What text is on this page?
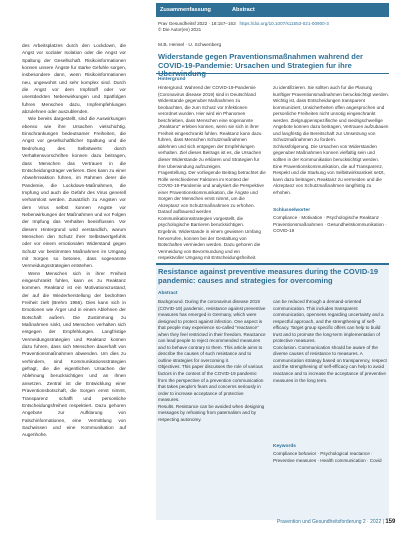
des Arbeitsplatzes durch den Lockdown, die Angst vor sozialer Isolation oder die Angst vor Spaltung der Gesellschaft. Risikoinformationen konnen unsere Ängste fur starke Gefuhle sorgen, insbesondere dann, wenn Risikoinformationen neu, ungewohnt und sehr komplex sind. Durch die Angst vor dem Impfstoff oder vor unentdeckten Nebenwirkungen und Spatfolgen fuhren Menschen dazu, Impfempfehlungen abzulehnen oder auszublenden.

Wie bereits dargestellt, sind die Auswirkungen ebenso wie ihre Ursachen vielschichtig. Einschrankungen bedeutsamer Freiheiten, die Angst vor gesellschaftlicher Spaltung und die Bedrohung des Selbstwerts durch Verhaltensvorschriften konnen dazu beitragen, dass Menschen das Vertrauen in die Entscheidungstrager verlieren. Dies kann zu einer Abwehrreaktion fuhren, im Rahmen derer die Pandemie, die Lockdown-Maßnahmen, die Impfung und auch die Gefahr des Virus generell verharmlost werden. Zusatzlich zu Angsten vor dem Virus selbst konnen Angste vor Nebenwirkungen der Maßnahmen und vor Folgen der Impfung das Verhalten beeinflussen. Vor diesem Hintergrund wird verstandlich, warum Menschen den Schutz ihrer Selbstwertgefuhls oder vor einem emotionalen Widerstand gegen Schutz vor bestimmten Maßnahmen im Umgang mit Sorgen so betonen, dass sogenannte Vermeidungsstrategien entstehen.

Wenn Menschen sich in ihrer Freiheit eingeschrankt fuhlen, kann es zu Reaktanz kommen. Reaktanz ist ein Motivationszustand, der auf die Wiederherstellung der bedrohten Freiheit zielt (Brehm 1966). Dies kann sich in Emotionen wie Ärger und in einem Ablehnen der Botschaft außern. Die Zustimmung zu Maßnahmen sinkt, und Menschen verhalten sich entgegen der Empfehlungen. Langfristige Vermeidungsstrategien und Reaktanz konnen dazu fuhren, dass sich Menschen dauerhaft von Praventionsmaßnahmen abwenden. Um dies zu verhindern, sind Kommunikationsstrategien gefragt, die die eigentlichen Ursachen der Ablehnung berucksichtigen und an ihnen ansetzen. Zentral ist die Entwicklung einer Praventionsbotschaft, die Sorgen ernst nimmt, Transparenz schafft und personliche Entscheidungsfreiheit respektiert. Dazu gehoren Angebote zur Aufklarung von Falschinformationen, eine Vermittlung von Sachwissen und eine Kommunikation auf Augenhohe.

Zusammenfassung	Abstract
Prav Gesundheitsf 2022 · 18:157–163 https://doi.org/10.1007/s11553-021-00900-3
© Die Autor(en) 2021
M.B. Hensel · U. Schwenberg
Widerstande gegen Praventionsmaßnahmen wahrend der COVID-19-Pandemie: Ursachen und Strategien fur ihre
Hintergrund

Hintergrund. Wahrend der COVID-19-Pandemie (Coronavirus disease 2019) sind in Deutschland Widerstande gegenuber Maßnahmen zu beobachten, die zum Schutz vor Infektionen verordnet wurden. Hier wird ein Phanomen beschrieben, dass Menschen eine sogenannte „Reaktanz“ erleben konnen, wenn sie sich in ihrer Freiheit eingeschrankt fuhlen. Reaktanz kann dazu fuhren, dass Menschen Schutzmaßnahmen ablehnen und sich entgegen der Empfehlungen verhalten. Ziel dieses Beitrags ist es, die Ursachen dieser Widerstande zu erklaren und Strategien fur ihre Uberwindung aufzuzeigen.

Fragestellung. Der vorliegende Beitrag betrachtet die Rolle verschiedener Faktoren im Kontext der COVID-19-Pandemie und analysiert die Perspektive einer Praventionskommunikation, die Ängste und Sorgen der Menschen ernst nimmt, um die Akzeptanz von Schutzmaßnahmen zu erhohen. Darauf aufbauend werden Kommunikationsstrategien vorgestellt, die psychologische Barrieren berucksichtigen.

Ergebnis. Widerstande in einem gewissen Umfang hervorrufen, konnen bei der Gestaltung von Botschaften vermieden werden. Dazu gehoren die Vermeidung von Bevormundung und ein respektvoller Umgang mit Entscheidungsfreiheit.

zu identifizieren. Sie sollten auch fur die Planung kunftiger Praventionsmaßnahmen berucksichtigt werden. Wichtig ist, dass Entscheidungen transparent kommuniziert, Unsicherheiten offen angesprochen und personliche Freiheiten nicht unnotig eingeschrankt werden. Zielgruppenspezifische und niedrigschwellige Angebote konnen dazu beitragen, Vertrauen aufzubauen und langfristig die Bereitschaft zur Umsetzung von Schutzmaßnahmen zu fordern.

Schlussfolgerung. Die Ursachen von Widerstanden gegenuber Maßnahmen konnen vielfaltig sein und sollten in der Kommunikation berucksichtigt werden. Eine Praventionskommunikation, die auf Transparenz, Respekt und die Starkung von Selbstwirksamkeit setzt, kann dazu beitragen, Reaktanz zu vermeiden und die Akzeptanz von Schutzmaßnahmen langfristig zu erhohen.

Schlusselworter
Compliance · Motivation · Psychologische Reaktanz · Praventionsmaßnahmen · Gesundheitskommunikation · COVID-19
Resistance against preventive measures during the COVID-19 pandemic: causes and strategies for overcoming
Abstract

Background. During the coronavirus disease 2019 (COVID-19) pandemic, resistance against preventive measures has emerged in Germany, which were designed to protect against infection. One aspect is that people may experience so-called “reactance” when they feel restricted in their freedom. Reactance can lead people to reject recommended measures and to behave contrary to them. This article aims to describe the causes of such resistance and to outline strategies for overcoming it.

Objectives. This paper discusses the role of various factors in the context of the COVID-19 pandemic from the perspective of a prevention communication that takes people’s fears and concerns seriously in order to increase acceptance of protective measures.

Results. Resistance can be avoided when designing messages by refraining from paternalism and by respecting autonomy.

can be reduced through a demand-oriented communication. This includes transparent communication, openness regarding uncertainty and a respectful approach, and the strengthening of self-efficacy. Target group specific offers can help to build trust and to promote the long-term implementation of protective measures.

Conclusion. Communication should be aware of the diverse causes of resistance to measures. A communication strategy based on transparency, respect and the strengthening of self-efficacy can help to avoid reactance and to increase the acceptance of preventive measures in the long term.

Keywords
Compliance behavior · Psychological reactance · Preventive measures · Health communication · Covid
Pravention und Gesundheitsforderung 2 · 2022 | 159
